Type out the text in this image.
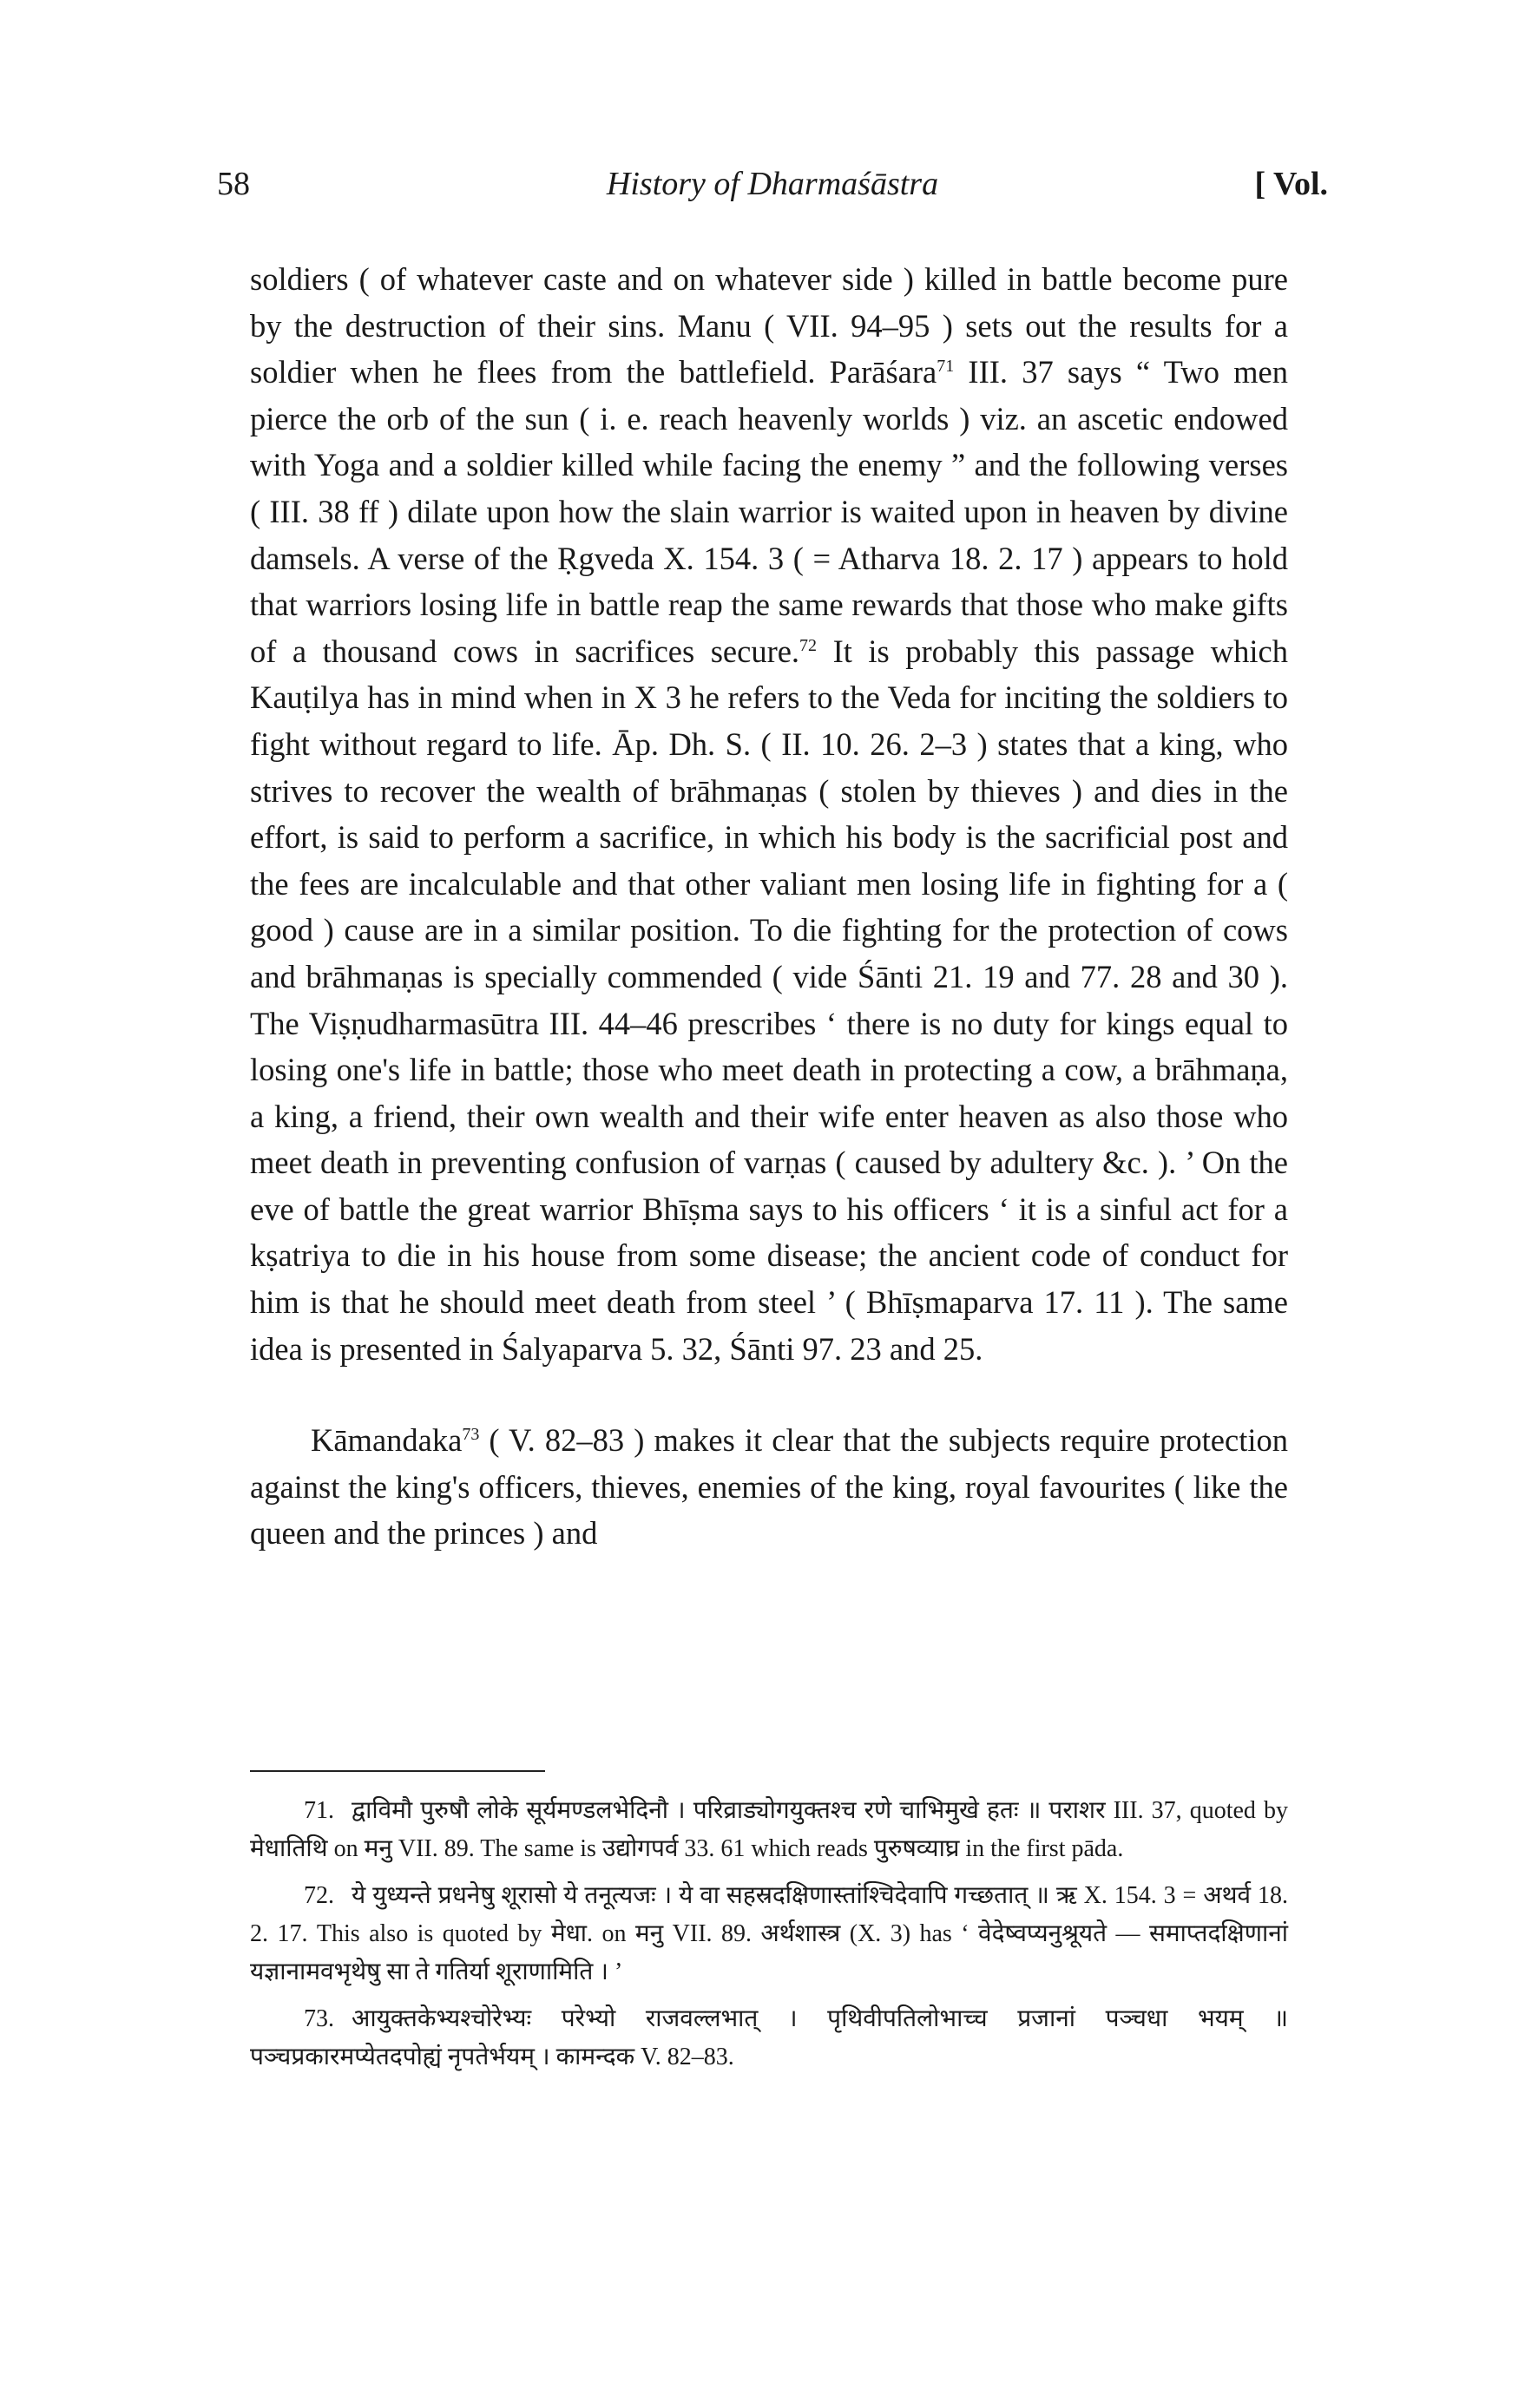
58	History of Dharmaśāstra	[ Vol.

soldiers ( of whatever caste and on whatever side ) killed in battle become pure by the destruction of their sins. Manu ( VII. 94–95 ) sets out the results for a soldier when he flees from the battlefield. Parāśara$^{71}$ III. 37 says “ Two men pierce the orb of the sun ( i. e. reach heavenly worlds ) viz. an ascetic endowed with Yoga and a soldier killed while facing the enemy ” and the following verses ( III. 38 ff ) dilate upon how the slain warrior is waited upon in heaven by divine damsels. A verse of the Ṛgveda X. 154. 3 ( = Atharva 18. 2. 17 ) appears to hold that warriors losing life in battle reap the same rewards that those who make gifts of a thousand cows in sacrifices secure.$^{72}$ It is probably this passage which Kauṭilya has in mind when in X 3 he refers to the Veda for inciting the soldiers to fight without regard to life. Āp. Dh. S. ( II. 10. 26. 2–3 ) states that a king, who strives to recover the wealth of brāhmaṇas ( stolen by thieves ) and dies in the effort, is said to perform a sacrifice, in which his body is the sacrificial post and the fees are incalculable and that other valiant men losing life in fighting for a ( good ) cause are in a similar position. To die fighting for the protection of cows and brāhmaṇas is specially commended ( vide Śānti 21. 19 and 77. 28 and 30 ). The Viṣṇudharmasūtra III. 44–46 prescribes ‘ there is no duty for kings equal to losing one's life in battle; those who meet death in protecting a cow, a brāhmaṇa, a king, a friend, their own wealth and their wife enter heaven as also those who meet death in preventing confusion of varṇas ( caused by adultery &c. ). ’ On the eve of battle the great warrior Bhīṣma says to his officers ‘ it is a sinful act for a kṣatriya to die in his house from some disease; the ancient code of conduct for him is that he should meet death from steel ’ ( Bhīṣmaparva 17. 11 ). The same idea is presented in Śalyaparva 5. 32, Śānti 97. 23 and 25.

Kāmandaka$^{73}$ ( V. 82–83 ) makes it clear that the subjects require protection against the king's officers, thieves, enemies of the king, royal favourites ( like the queen and the princes ) and

71. द्वाविमौ पुरुषौ लोके सूर्यमण्डलभेदिनौ । परिव्राड्योगयुक्तश्च रणे चाभिमुखे हतः ॥ पराशर III. 37, quoted by मेधातिथि on मनु VII. 89. The same is उद्योगपर्व 33. 61 which reads पुरुषव्याघ्र in the first pāda.

72. ये युध्यन्ते प्रधनेषु शूरासो ये तनूत्यजः । ये वा सहस्रदक्षिणास्तांश्चिदेवापि गच्छतात् ॥ ऋ X. 154. 3 = अथर्व 18. 2. 17. This also is quoted by मेधा. on मनु VII. 89. अर्थशास्त्र (X. 3) has ‘ वेदेष्वप्यनुश्रूयते — समाप्तदक्षिणानां यज्ञानामवभृथेषु सा ते गतिर्या शूराणामिति । ’

73. आयुक्तकेभ्यश्चोरेभ्यः परेभ्यो राजवल्लभात् । पृथिवीपतिलोभाच्च प्रजानां पञ्चधा भयम् ॥ पञ्चप्रकारमप्येतदपोह्यं नृपतेर्भयम् । कामन्दक V. 82–83.
